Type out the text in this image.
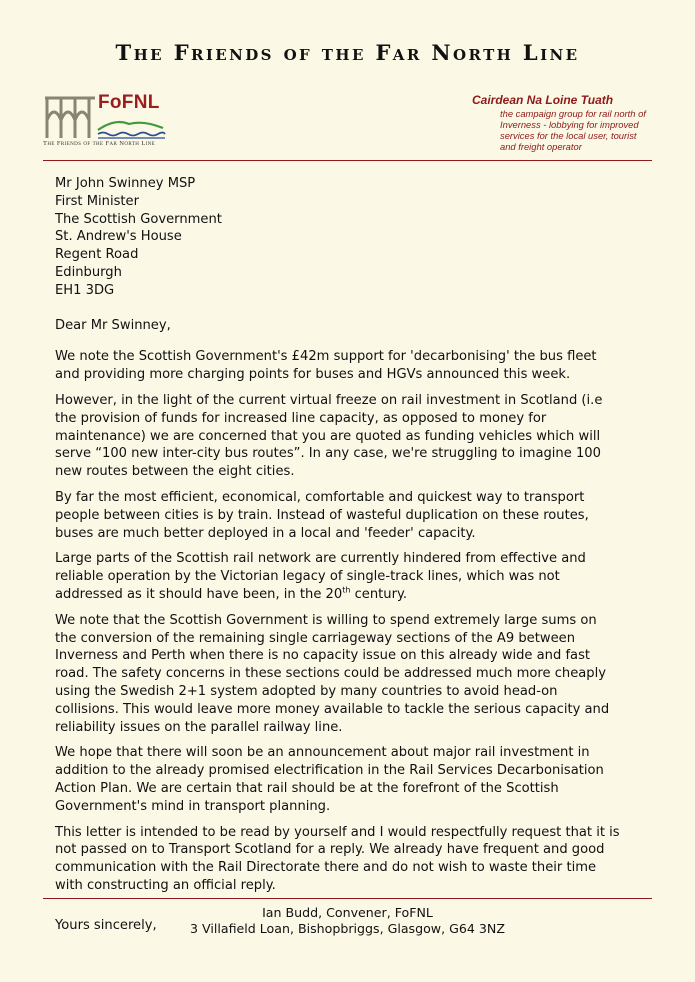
The Friends of the Far North Line
FoFNL
The Friends of the Far North Line
Cairdean Na Loine Tuath
the campaign group for rail north of Inverness - lobbying for improved services for the local user, tourist and freight operator

Mr John Swinney MSP

First Minister

The Scottish Government

St. Andrew's House

Regent Road

Edinburgh

EH1 3DG

Dear Mr Swinney,

We note the Scottish Government's £42m support for 'decarbonising' the bus fleet and providing more charging points for buses and HGVs announced this week.

However, in the light of the current virtual freeze on rail investment in Scotland (i.e the provision of funds for increased line capacity, as opposed to money for maintenance) we are concerned that you are quoted as funding vehicles which will serve “100 new inter-city bus routes”. In any case, we're struggling to imagine 100 new routes between the eight cities.

By far the most efficient, economical, comfortable and quickest way to transport people between cities is by train. Instead of wasteful duplication on these routes, buses are much better deployed in a local and 'feeder' capacity.

Large parts of the Scottish rail network are currently hindered from effective and reliable operation by the Victorian legacy of single-track lines, which was not addressed as it should have been, in the 20th century.

We note that the Scottish Government is willing to spend extremely large sums on the conversion of the remaining single carriageway sections of the A9 between Inverness and Perth when there is no capacity issue on this already wide and fast road. The safety concerns in these sections could be addressed much more cheaply using the Swedish 2+1 system adopted by many countries to avoid head-on collisions. This would leave more money available to tackle the serious capacity and reliability issues on the parallel railway line.

We hope that there will soon be an announcement about major rail investment in addition to the already promised electrification in the Rail Services Decarbonisation Action Plan. We are certain that rail should be at the forefront of the Scottish Government's mind in transport planning.

This letter is intended to be read by yourself and I would respectfully request that it is not passed on to Transport Scotland for a reply. We already have frequent and good communication with the Rail Directorate there and do not wish to waste their time with constructing an official reply.

Yours sincerely,

Ian Budd, Convener, FoFNL
3 Villafield Loan, Bishopbriggs, Glasgow, G64 3NZ
